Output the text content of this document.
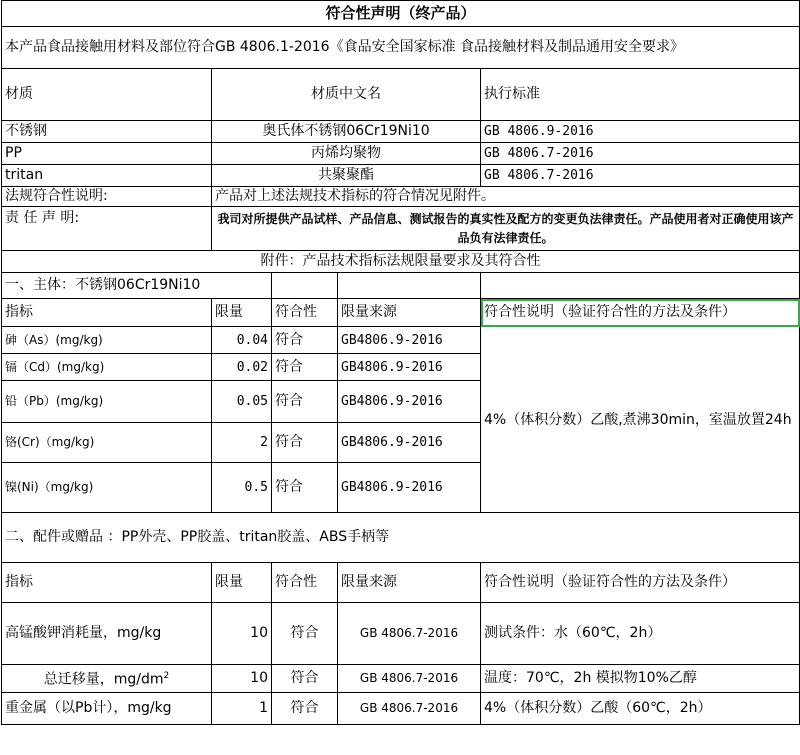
符合性声明（终产品）				
本产品食品接触用材料及部位符合GB 4806.1-2016《食品安全国家标准 食品接触材料及制品通用安全要求》				
材质	材质中文名			执行标准
不锈钢	奥氏体不锈钢06Cr19Ni10			GB 4806.9-2016
PP	丙烯均聚物			GB 4806.7-2016
tritan	共聚聚酯			GB 4806.7-2016
法规符合性说明:	产品对上述法规技术指标的符合情况见附件。			
责 任 声 明:	我司对所提供产品试样、产品信息、测试报告的真实性及配方的变更负法律责任。产品使用者对正确使用该产品负有法律责任。			
附件：产品技术指标法规限量要求及其符合性				
一、主体：不锈钢06Cr19Ni10				
指标	限量	符合性	限量来源	符合性说明（验证符合性的方法及条件）
砷（As）(mg/kg)	0.04	符合	GB4806.9-2016	4%（体积分数）乙酸,煮沸30min，室温放置24h
镉（Cd）(mg/kg)	0.02	符合	GB4806.9-2016	
铅（Pb）(mg/kg)	0.05	符合	GB4806.9-2016	
铬(Cr)（mg/kg)	2	符合	GB4806.9-2016	
镍(Ni)（mg/kg)	0.5	符合	GB4806.9-2016	
二、配件或赠品 ：PP外壳、PP胶盖、tritan胶盖、ABS手柄等				
指标	限量	符合性	限量来源	符合性说明（验证符合性的方法及条件）
高锰酸钾消耗量，mg/kg	10	符合	GB 4806.7-2016	测试条件：水（60℃，2h）
总迁移量，$mg/dm^2$	10	符合	GB 4806.7-2016	温度：70℃，2h 模拟物10%乙醇
重金属（以Pb计），mg/kg	1	符合	GB 4806.7-2016	4%（体积分数）乙酸（60℃，2h）
